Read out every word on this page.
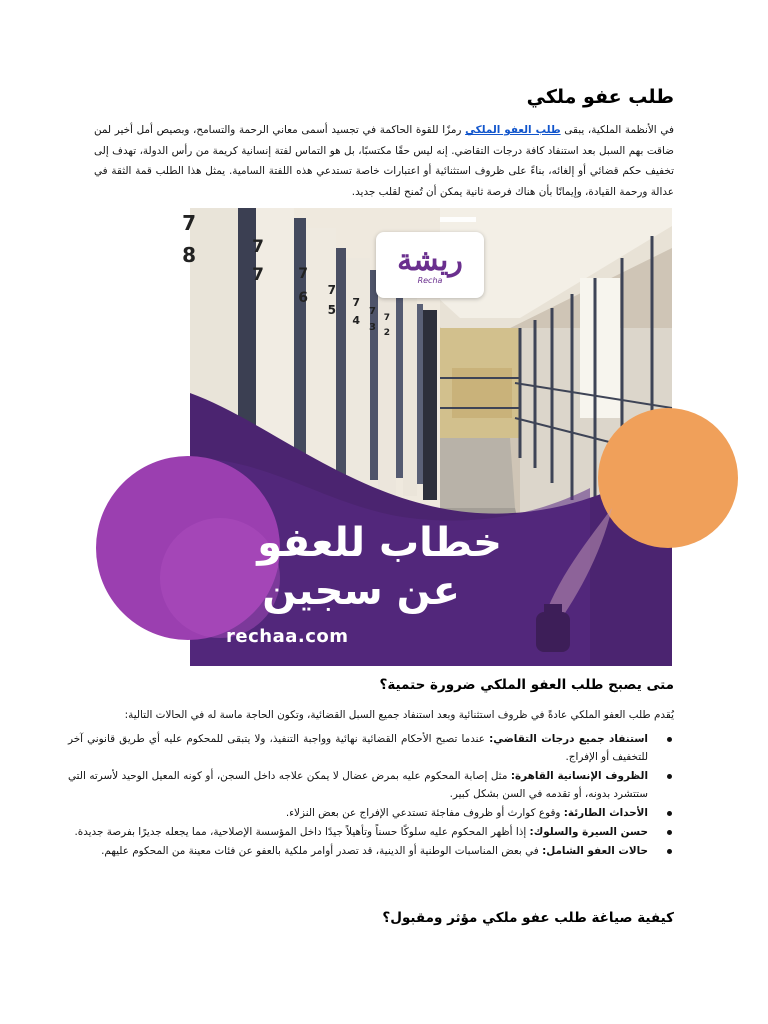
طلب عفو ملكي

في الأنظمة الملكية، يبقى طلب العفو الملكي رمزًا للقوة الحاكمة في تجسيد أسمى معاني الرحمة والتسامح، وبصيص أمل أخير لمن ضاقت بهم السبل بعد استنفاد كافة درجات التقاضي. إنه ليس حقًا مكتسبًا، بل هو التماس لفتة إنسانية كريمة من رأس الدولة، تهدف إلى تخفيف حكم قضائي أو إلغائه، بناءً على ظروف استثنائية أو اعتبارات خاصة تستدعي هذه اللفتة السامية. يمثل هذا الطلب قمة الثقة في عدالة ورحمة القيادة، وإيمانًا بأن هناك فرصة ثانية يمكن أن تُمنح لقلب جديد.

7
8	7
7 7
6 7
5
7
4
7
3
7
2
ريشة
Recha
خطاب للعفو
عن سجين
rechaa.com
متى يصبح طلب العفو الملكي ضرورة حتمية؟

يُقدم طلب العفو الملكي عادةً في ظروف استثنائية وبعد استنفاد جميع السبل القضائية، وتكون الحاجة ماسة له في الحالات التالية:

استنفاد جميع درجات التقاضي: عندما تصبح الأحكام القضائية نهائية وواجبة التنفيذ، ولا يتبقى للمحكوم عليه أي طريق قانوني آخر للتخفيف أو الإفراج.
الظروف الإنسانية القاهرة: مثل إصابة المحكوم عليه بمرض عضال لا يمكن علاجه داخل السجن، أو كونه المعيل الوحيد لأسرته التي ستتشرد بدونه، أو تقدمه في السن بشكل كبير.
الأحداث الطارئة: وقوع كوارث أو ظروف مفاجئة تستدعي الإفراج عن بعض النزلاء.
حسن السيرة والسلوك: إذا أظهر المحكوم عليه سلوكًا حسناً وتأهيلاً جيدًا داخل المؤسسة الإصلاحية، مما يجعله جديرًا بفرصة جديدة.
حالات العفو الشامل: في بعض المناسبات الوطنية أو الدينية، قد تصدر أوامر ملكية بالعفو عن فئات معينة من المحكوم عليهم.
كيفية صياغة طلب عفو ملكي مؤثر ومقبول؟
